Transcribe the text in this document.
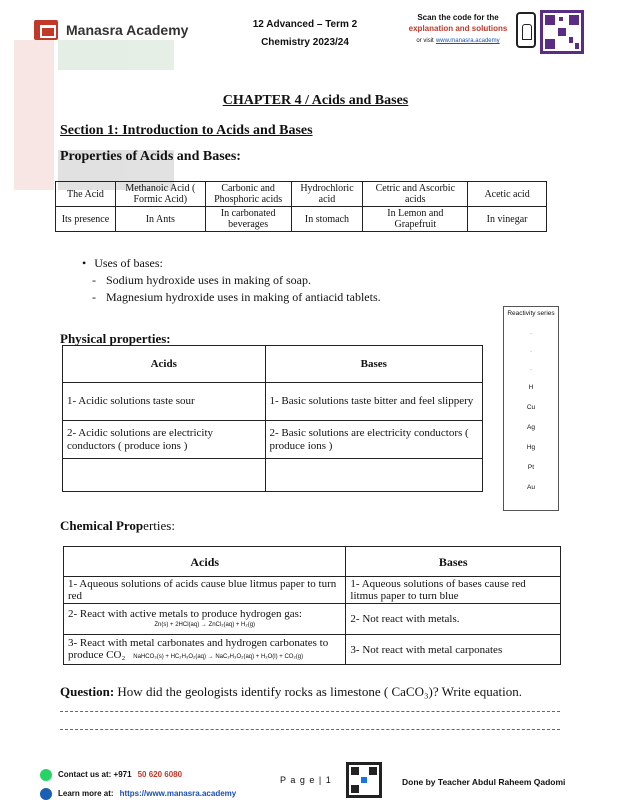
Manasra Academy	12 Advanced – Term 2
Chemistry 2023/24
Scan the code for the
explanation and solutions
or visit www.manasra.academy
CHAPTER 4 / Acids and Bases
Section 1: Introduction to Acids and Bases
Properties of Acids and Bases:
The Acid	Methanoic Acid ( Formic Acid)	Carbonic and Phosphoric acids	Hydrochloric acid	Cetric and Ascorbic acids	Acetic acid
Its presence	In Ants	In carbonated beverages	In stomach	In Lemon and Grapefruit	In vinegar
• Uses of bases:
- Sodium hydroxide uses in making of soap.
- Magnesium hydroxide uses in making of antiacid tablets.
Reactivity series
.
.
.
H
Cu
Ag
Hg
Pt
Au
Physical properties:
Acids	Bases
1- Acidic solutions taste sour	1- Basic solutions taste bitter and feel slippery
2- Acidic solutions are electricity conductors ( produce ions )	2- Basic solutions are electricity conductors ( produce ions )

Chemical Properties:
Acids	Bases
1- Aqueous solutions of acids cause blue litmus paper to turn red	1- Aqueous solutions of bases cause red litmus paper to turn blue
2- React with active metals to produce hydrogen gas:
Zn(s) + 2HCl(aq) → ZnCl₂(aq) + H₂(g)	2- Not react with metals.
3- React with metal carbonates and hydrogen carbonates to produce CO₂ NaHCO₃(s) + HC₂H₃O₂(aq) → NaC₂H₃O₂(aq) + H₂O(l) + CO₂(g)	3- Not react with metal carponates
Question: How did the geologists identify rocks as limestone ( CaCO₃)? Write equation.
Contact us at: +971 50 620 6080
Learn more at: https://www.manasra.academy
P a g e | 1	Done by Teacher Abdul Raheem Qadomi
